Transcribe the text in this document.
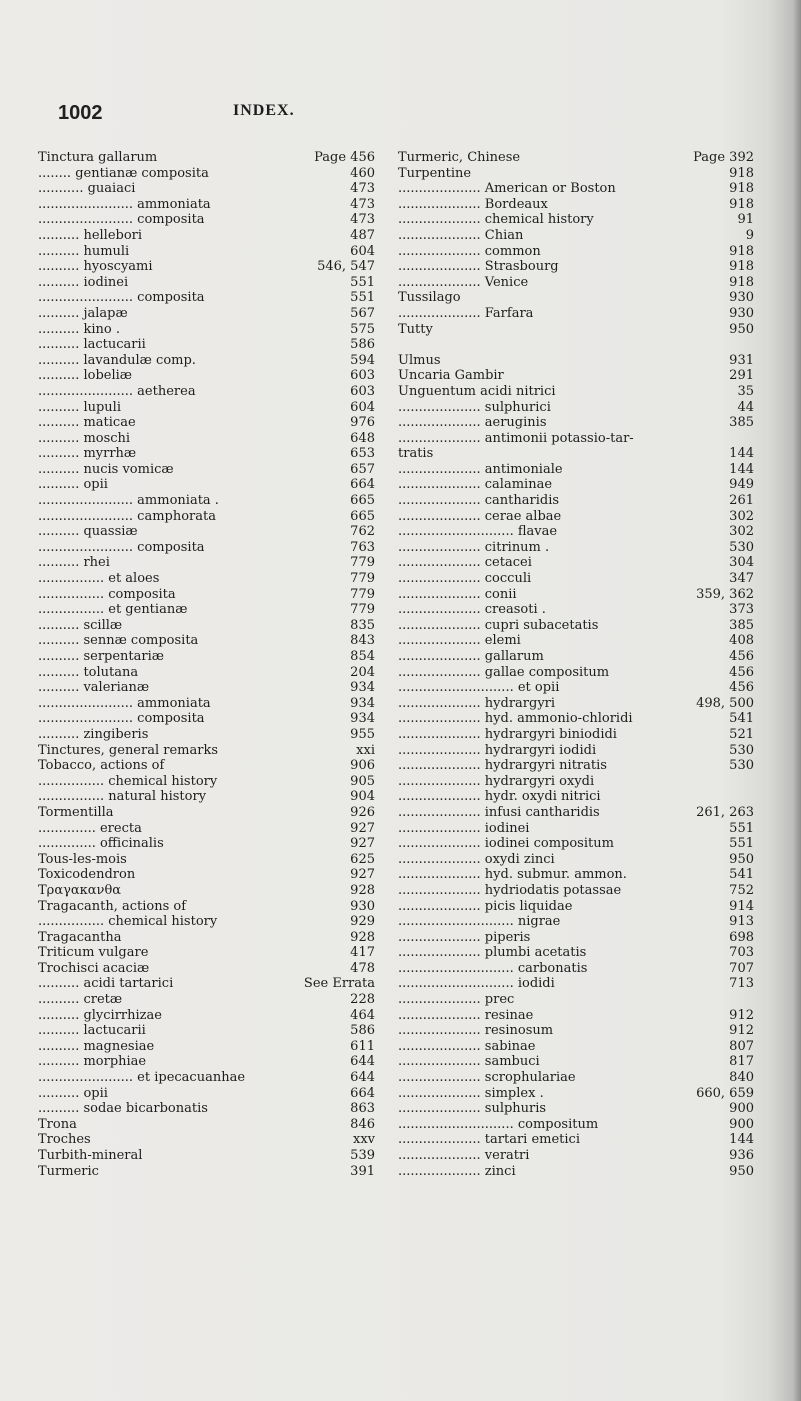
1002	INDEX.
Tinctura gallarum	Page 456
........ gentianæ composita	460
........... guaiaci	473
....................... ammoniata	473
....................... composita	473
.......... hellebori	487
.......... humuli	604
.......... hyoscyami	546, 547
.......... iodinei	551
....................... composita	551
.......... jalapæ	567
.......... kino .	575
.......... lactucarii	586
.......... lavandulæ comp.	594
.......... lobeliæ	603
....................... aetherea	603
.......... lupuli	604
.......... maticae	976
.......... moschi	648
.......... myrrhæ	653
.......... nucis vomicæ	657
.......... opii	664
....................... ammoniata .	665
....................... camphorata	665
.......... quassiæ	762
....................... composita	763
.......... rhei	779
................ et aloes	779
................ composita	779
................ et gentianæ	779
.......... scillæ	835
.......... sennæ composita	843
.......... serpentariæ	854
.......... tolutana	204
.......... valerianæ	934
....................... ammoniata	934
....................... composita	934
.......... zingiberis	955
Tinctures, general remarks	xxi
Tobacco, actions of	906
................ chemical history	905
................ natural history	904
Tormentilla	926
.............. erecta	927
.............. officinalis	927
Tous-les-mois	625
Toxicodendron	927
Τραγακανθα	928
Tragacanth, actions of	930
................ chemical history	929
Tragacantha	928
Triticum vulgare	417
Trochisci acaciæ	478
.......... acidi tartarici	See Errata
.......... cretæ	228
.......... glycirrhizae	464
.......... lactucarii	586
.......... magnesiae	611
.......... morphiae	644
....................... et ipecacuanhae	644
.......... opii	664
.......... sodae bicarbonatis	863
Trona	846
Troches	xxv
Turbith-mineral	539
Turmeric	391
Turmeric, Chinese	Page 392
Turpentine	918
.................... American or Boston	918
.................... Bordeaux	918
.................... chemical history	91
.................... Chian	9
.................... common	918
.................... Strasbourg	918
.................... Venice	918
Tussilago	930
.................... Farfara	930
Tutty	950
Ulmus	931
Uncaria Gambir	291
Unguentum acidi nitrici	35
.................... sulphurici	44
.................... aeruginis	385
.................... antimonii potassio-tar-
tratis	144
.................... antimoniale	144
.................... calaminae	949
.................... cantharidis	261
.................... cerae albae	302
............................ flavae	302
.................... citrinum .	530
.................... cetacei	304
.................... cocculi	347
.................... conii	359, 362
.................... creasoti .	373
.................... cupri subacetatis	385
.................... elemi	408
.................... gallarum	456
.................... gallae compositum	456
............................ et opii	456
.................... hydrargyri	498, 500
.................... hyd. ammonio-chloridi	541
.................... hydrargyri biniodidi	521
.................... hydrargyri iodidi	530
.................... hydrargyri nitratis	530
.................... hydrargyri oxydi
.................... hydr. oxydi nitrici
.................... infusi cantharidis	261, 263
.................... iodinei	551
.................... iodinei compositum	551
.................... oxydi zinci	950
.................... hyd. submur. ammon.	541
.................... hydriodatis potassae	752
.................... picis liquidae	914
............................ nigrae	913
.................... piperis	698
.................... plumbi acetatis	703
............................ carbonatis	707
............................ iodidi	713
.................... prec
.................... resinae	912
.................... resinosum	912
.................... sabinae	807
.................... sambuci	817
.................... scrophulariae	840
.................... simplex .	660, 659
.................... sulphuris	900
............................ compositum	900
.................... tartari emetici	144
.................... veratri	936
.................... zinci	950
